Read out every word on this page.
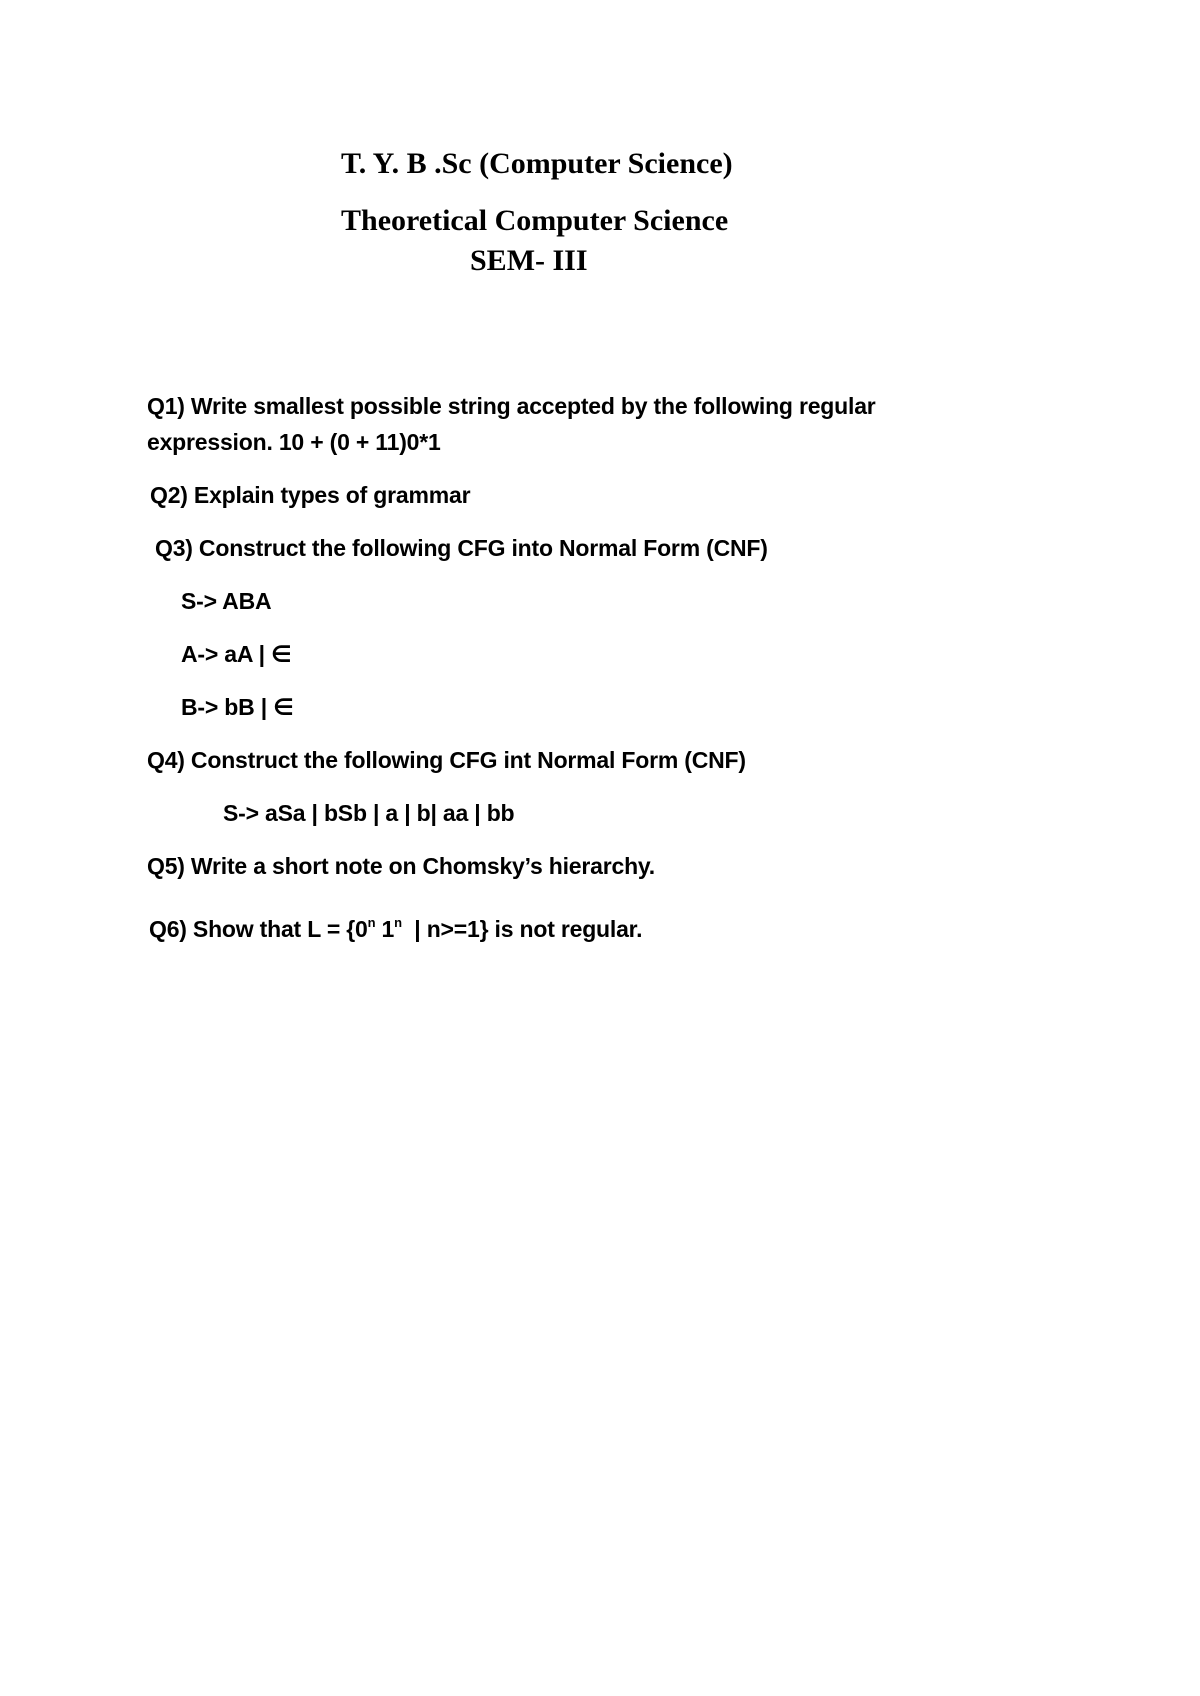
T. Y. B .Sc (Computer Science)
Theoretical Computer Science
SEM- III
Q1) Write smallest possible string accepted by the following regular
expression. 10 + (0 + 11)0*1
Q2) Explain types of grammar
Q3) Construct the following CFG into Normal Form (CNF)
S-> ABA
A-> aA | ∈
B-> bB | ∈
Q4) Construct the following CFG int Normal Form (CNF)
S-> aSa | bSb | a | b| aa | bb
Q5) Write a short note on Chomsky’s hierarchy.
Q6) Show that $L = \{0^n$ 1$^n$  | n>=1} is not regular.
